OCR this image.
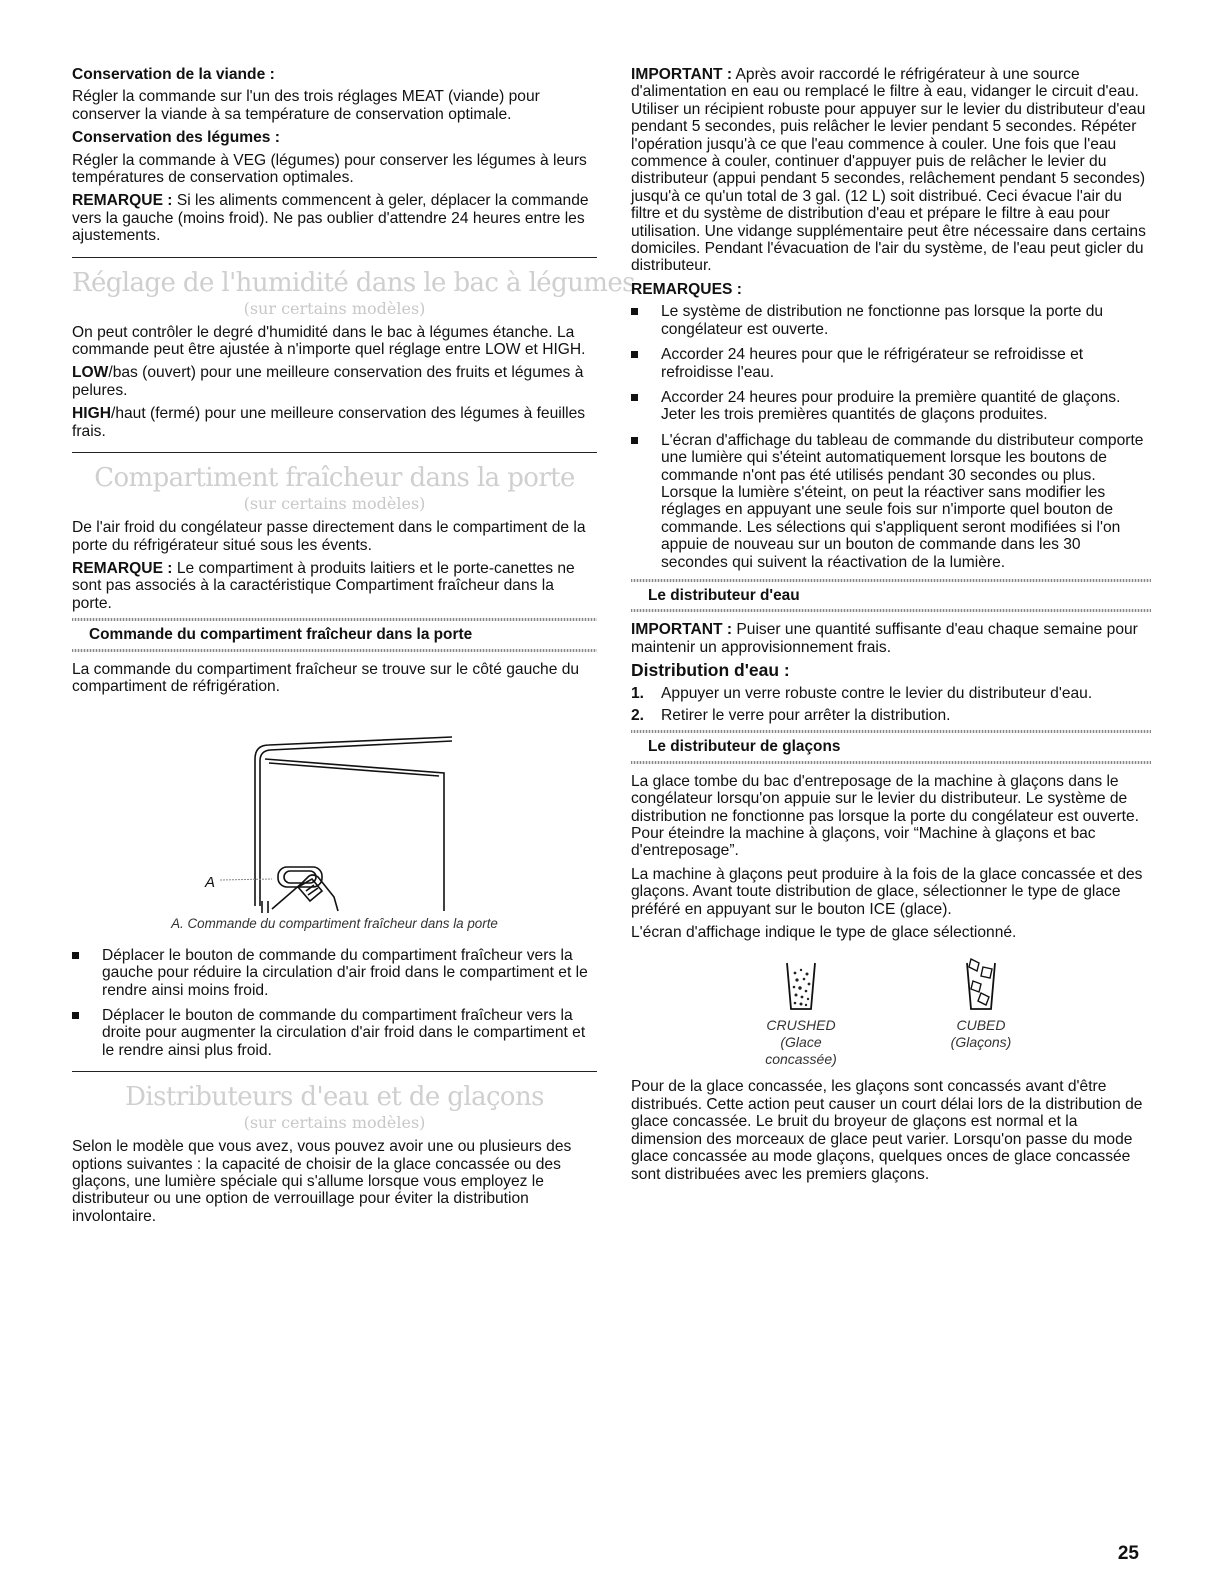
Conservation de la viande :

Régler la commande sur l'un des trois réglages MEAT (viande) pour conserver la viande à sa température de conservation optimale.

Conservation des légumes :

Régler la commande à VEG (légumes) pour conserver les légumes à leurs températures de conservation optimales.

REMARQUE : Si les aliments commencent à geler, déplacer la commande vers la gauche (moins froid). Ne pas oublier d'attendre 24 heures entre les ajustements.

Réglage de l'humidité dans le bac à légumes
(sur certains modèles)

On peut contrôler le degré d'humidité dans le bac à légumes étanche. La commande peut être ajustée à n'importe quel réglage entre LOW et HIGH.

LOW/bas (ouvert) pour une meilleure conservation des fruits et légumes à pelures.

HIGH/haut (fermé) pour une meilleure conservation des légumes à feuilles frais.

Compartiment fraîcheur dans la porte
(sur certains modèles)

De l'air froid du congélateur passe directement dans le compartiment de la porte du réfrigérateur situé sous les évents.

REMARQUE : Le compartiment à produits laitiers et le porte-canettes ne sont pas associés à la caractéristique Compartiment fraîcheur dans la porte.

Commande du compartiment fraîcheur dans la porte

La commande du compartiment fraîcheur se trouve sur le côté gauche du compartiment de réfrigération.

A
A. Commande du compartiment fraîcheur dans la porte
Déplacer le bouton de commande du compartiment fraîcheur vers la gauche pour réduire la circulation d'air froid dans le compartiment et le rendre ainsi moins froid.
Déplacer le bouton de commande du compartiment fraîcheur vers la droite pour augmenter la circulation d'air froid dans le compartiment et le rendre ainsi plus froid.
Distributeurs d'eau et de glaçons
(sur certains modèles)

Selon le modèle que vous avez, vous pouvez avoir une ou plusieurs des options suivantes : la capacité de choisir de la glace concassée ou des glaçons, une lumière spéciale qui s'allume lorsque vous employez le distributeur ou une option de verrouillage pour éviter la distribution involontaire.

IMPORTANT : Après avoir raccordé le réfrigérateur à une source d'alimentation en eau ou remplacé le filtre à eau, vidanger le circuit d'eau. Utiliser un récipient robuste pour appuyer sur le levier du distributeur d'eau pendant 5 secondes, puis relâcher le levier pendant 5 secondes. Répéter l'opération jusqu'à ce que l'eau commence à couler. Une fois que l'eau commence à couler, continuer d'appuyer puis de relâcher le levier du distributeur (appui pendant 5 secondes, relâchement pendant 5 secondes) jusqu'à ce qu'un total de 3 gal. (12 L) soit distribué. Ceci évacue l'air du filtre et du système de distribution d'eau et prépare le filtre à eau pour utilisation. Une vidange supplémentaire peut être nécessaire dans certains domiciles. Pendant l'évacuation de l'air du système, de l'eau peut gicler du distributeur.

REMARQUES :

Le système de distribution ne fonctionne pas lorsque la porte du congélateur est ouverte.
Accorder 24 heures pour que le réfrigérateur se refroidisse et refroidisse l'eau.
Accorder 24 heures pour produire la première quantité de glaçons. Jeter les trois premières quantités de glaçons produites.
L'écran d'affichage du tableau de commande du distributeur comporte une lumière qui s'éteint automatiquement lorsque les boutons de commande n'ont pas été utilisés pendant 30 secondes ou plus. Lorsque la lumière s'éteint, on peut la réactiver sans modifier les réglages en appuyant une seule fois sur n'importe quel bouton de commande. Les sélections qui s'appliquent seront modifiées si l'on appuie de nouveau sur un bouton de commande dans les 30 secondes qui suivent la réactivation de la lumière.
Le distributeur d'eau

IMPORTANT : Puiser une quantité suffisante d'eau chaque semaine pour maintenir un approvisionnement frais.

Distribution d'eau :
1. Appuyer un verre robuste contre le levier du distributeur d'eau.
2. Retirer le verre pour arrêter la distribution.
Le distributeur de glaçons

La glace tombe du bac d'entreposage de la machine à glaçons dans le congélateur lorsqu'on appuie sur le levier du distributeur. Le système de distribution ne fonctionne pas lorsque la porte du congélateur est ouverte. Pour éteindre la machine à glaçons, voir “Machine à glaçons et bac d'entreposage”.

La machine à glaçons peut produire à la fois de la glace concassée et des glaçons. Avant toute distribution de glace, sélectionner le type de glace préféré en appuyant sur le bouton ICE (glace).

L'écran d'affichage indique le type de glace sélectionné.

CRUSHED
(Glace concassée)
CUBED
(Glaçons)

Pour de la glace concassée, les glaçons sont concassés avant d'être distribués. Cette action peut causer un court délai lors de la distribution de glace concassée. Le bruit du broyeur de glaçons est normal et la dimension des morceaux de glace peut varier. Lorsqu'on passe du mode glace concassée au mode glaçons, quelques onces de glace concassée sont distribuées avec les premiers glaçons.

25
